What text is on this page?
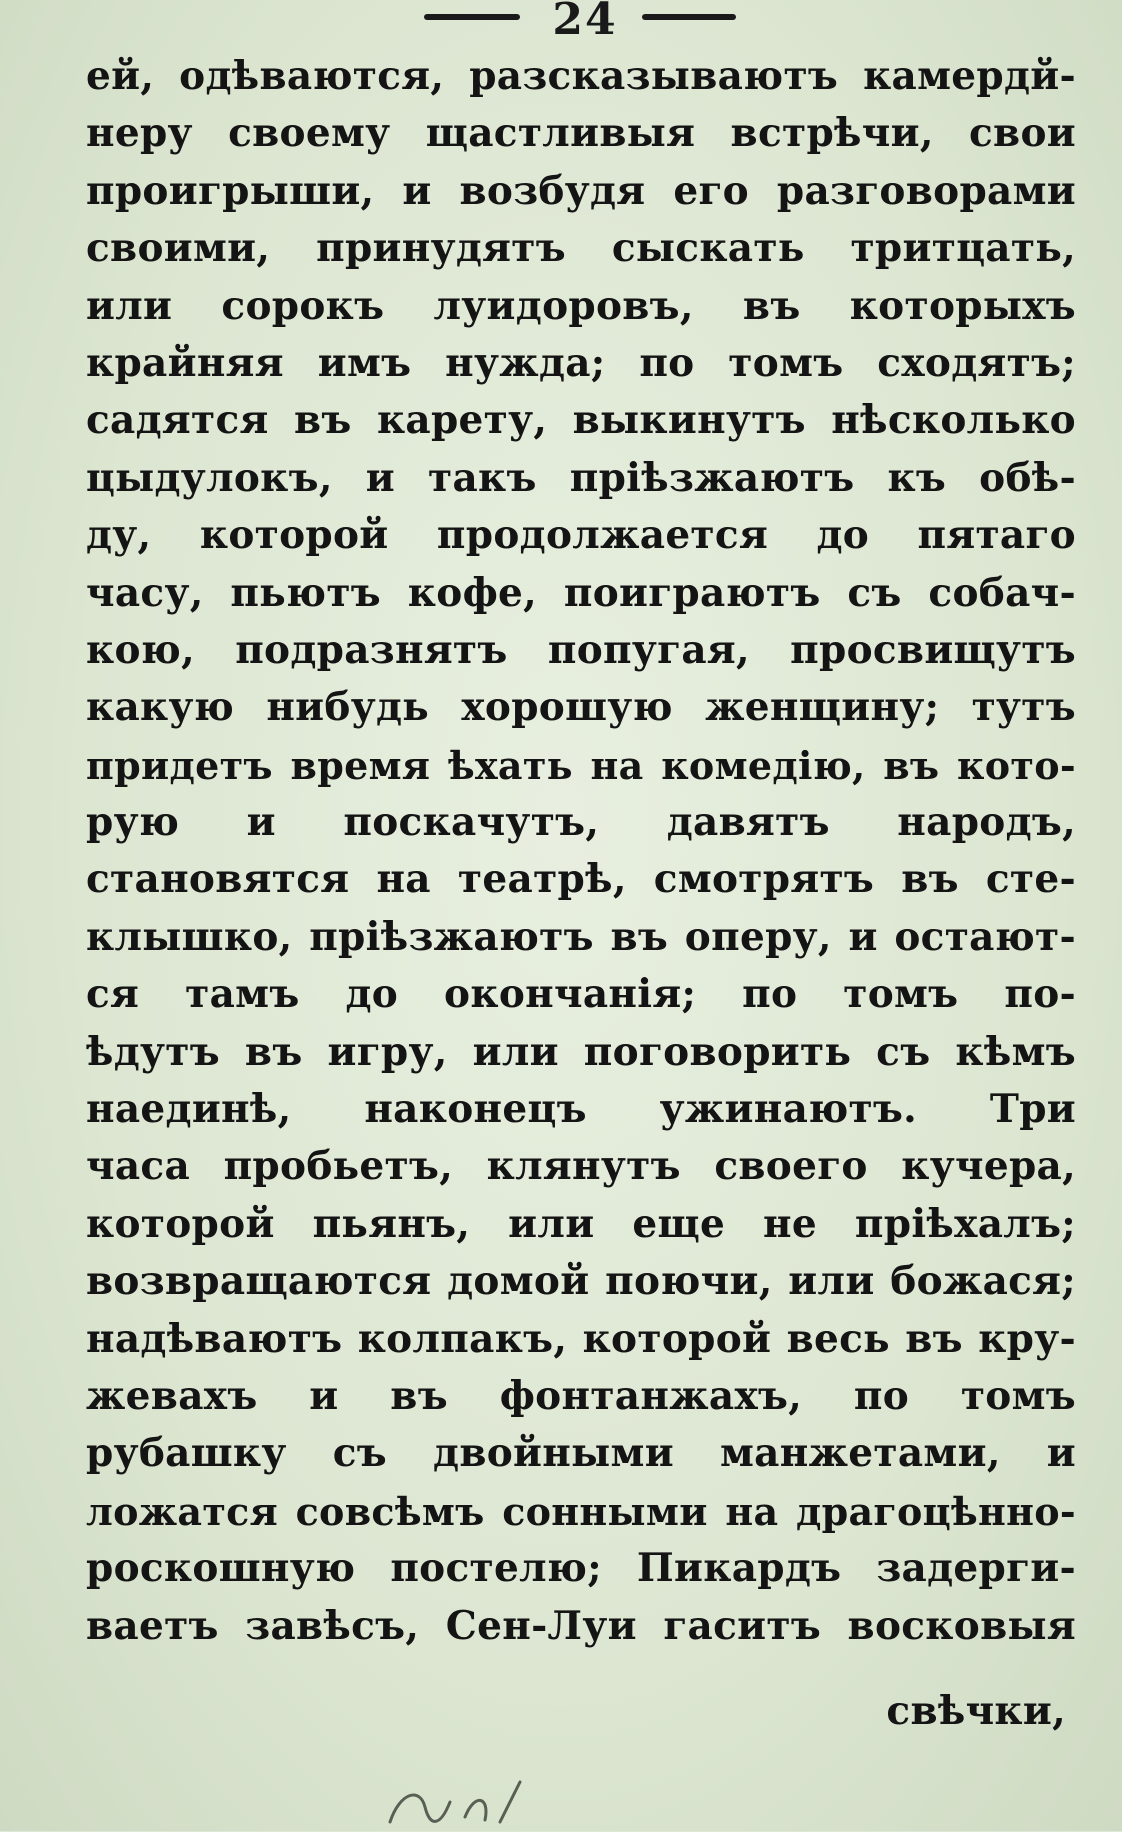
24
ей, одѣваются, разсказываютъ камердй-
неру своему щастливыя встрѣчи, свои
проигрыши, и возбудя его разговорами
своими, принудятъ сыскать тритцать,
или сорокъ луидоровъ, въ которыхъ
крайняя имъ нужда; по томъ сходятъ;
садятся въ карету, выкинутъ нѣсколько
цыдулокъ, и такъ пріѣзжаютъ къ обѣ-
ду, которой продолжается до пятаго
часу, пьютъ кофе, поиграютъ съ собач-
кою, подразнятъ попугая, просвищутъ
какую нибудь хорошую женщину; тутъ
придетъ время ѣхать на комедію, въ кото-
рую и поскачутъ, давятъ народъ,
становятся на театрѣ, смотрятъ въ сте-
клышко, пріѣзжаютъ въ оперу, и остают-
ся тамъ до окончанія; по томъ по-
ѣдутъ въ игру, или поговорить съ кѣмъ
наединѣ, наконецъ ужинаютъ. Три
часа пробьетъ, клянутъ своего кучера,
которой пьянъ, или еще не пріѣхалъ;
возвращаются домой поючи, или божася;
надѣваютъ колпакъ, которой весь въ кру-
жевахъ и въ фонтанжахъ, по томъ
рубашку съ двойными манжетами, и
ложатся совсѣмъ сонными на драгоцѣнно-
роскошную постелю; Пикардъ задерги-
ваетъ завѣсъ, Сен-Луи гаситъ восковыя
свѣчки,
